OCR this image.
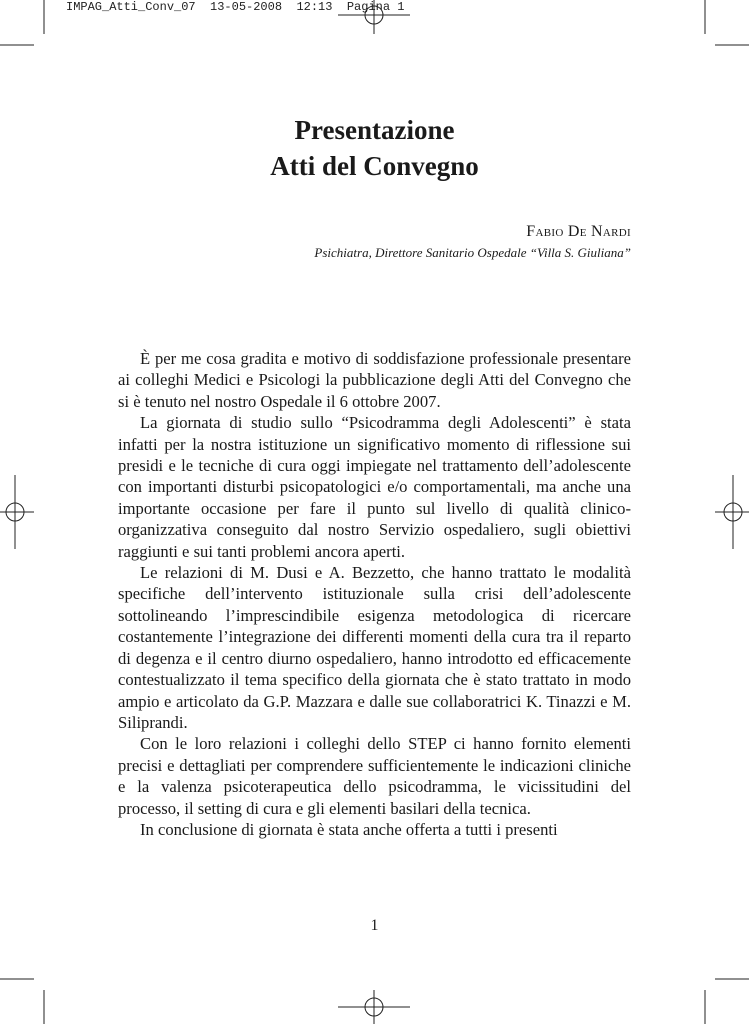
IMPAG_Atti_Conv_07  13-05-2008  12:13  Pagina 1
Presentazione
Atti del Convegno
Fabio De Nardi
Psichiatra, Direttore Sanitario Ospedale “Villa S. Giuliana”

È per me cosa gradita e motivo di soddisfazione professionale presentare ai colleghi Medici e Psicologi la pubblicazione degli Atti del Convegno che si è tenuto nel nostro Ospedale il 6 ottobre 2007.

La giornata di studio sullo “Psicodramma degli Adolescenti” è stata infatti per la nostra istituzione un significativo momento di riflessione sui presidi e le tecniche di cura oggi impiegate nel trattamento dell’adolescente con importanti disturbi psicopatologici e/o comportamentali, ma anche una importante occasione per fare il punto sul livello di qualità clinico-organizzativa conseguito dal nostro Servizio ospedaliero, sugli obiettivi raggiunti e sui tanti problemi ancora aperti.

Le relazioni di M. Dusi e A. Bezzetto, che hanno trattato le modalità specifiche dell’intervento istituzionale sulla crisi dell’adolescente sottolineando l’imprescindibile esigenza metodologica di ricercare costantemente l’integrazione dei differenti momenti della cura tra il reparto di degenza e il centro diurno ospedaliero, hanno introdotto ed efficacemente contestualizzato il tema specifico della giornata che è stato trattato in modo ampio e articolato da G.P. Mazzara e dalle sue collaboratrici K. Tinazzi e M. Siliprandi.

Con le loro relazioni i colleghi dello STEP ci hanno fornito elementi precisi e dettagliati per comprendere sufficientemente le indicazioni cliniche e la valenza psicoterapeutica dello psicodramma, le vicissitudini del processo, il setting di cura e gli elementi basilari della tecnica.

In conclusione di giornata è stata anche offerta a tutti i presenti

1
